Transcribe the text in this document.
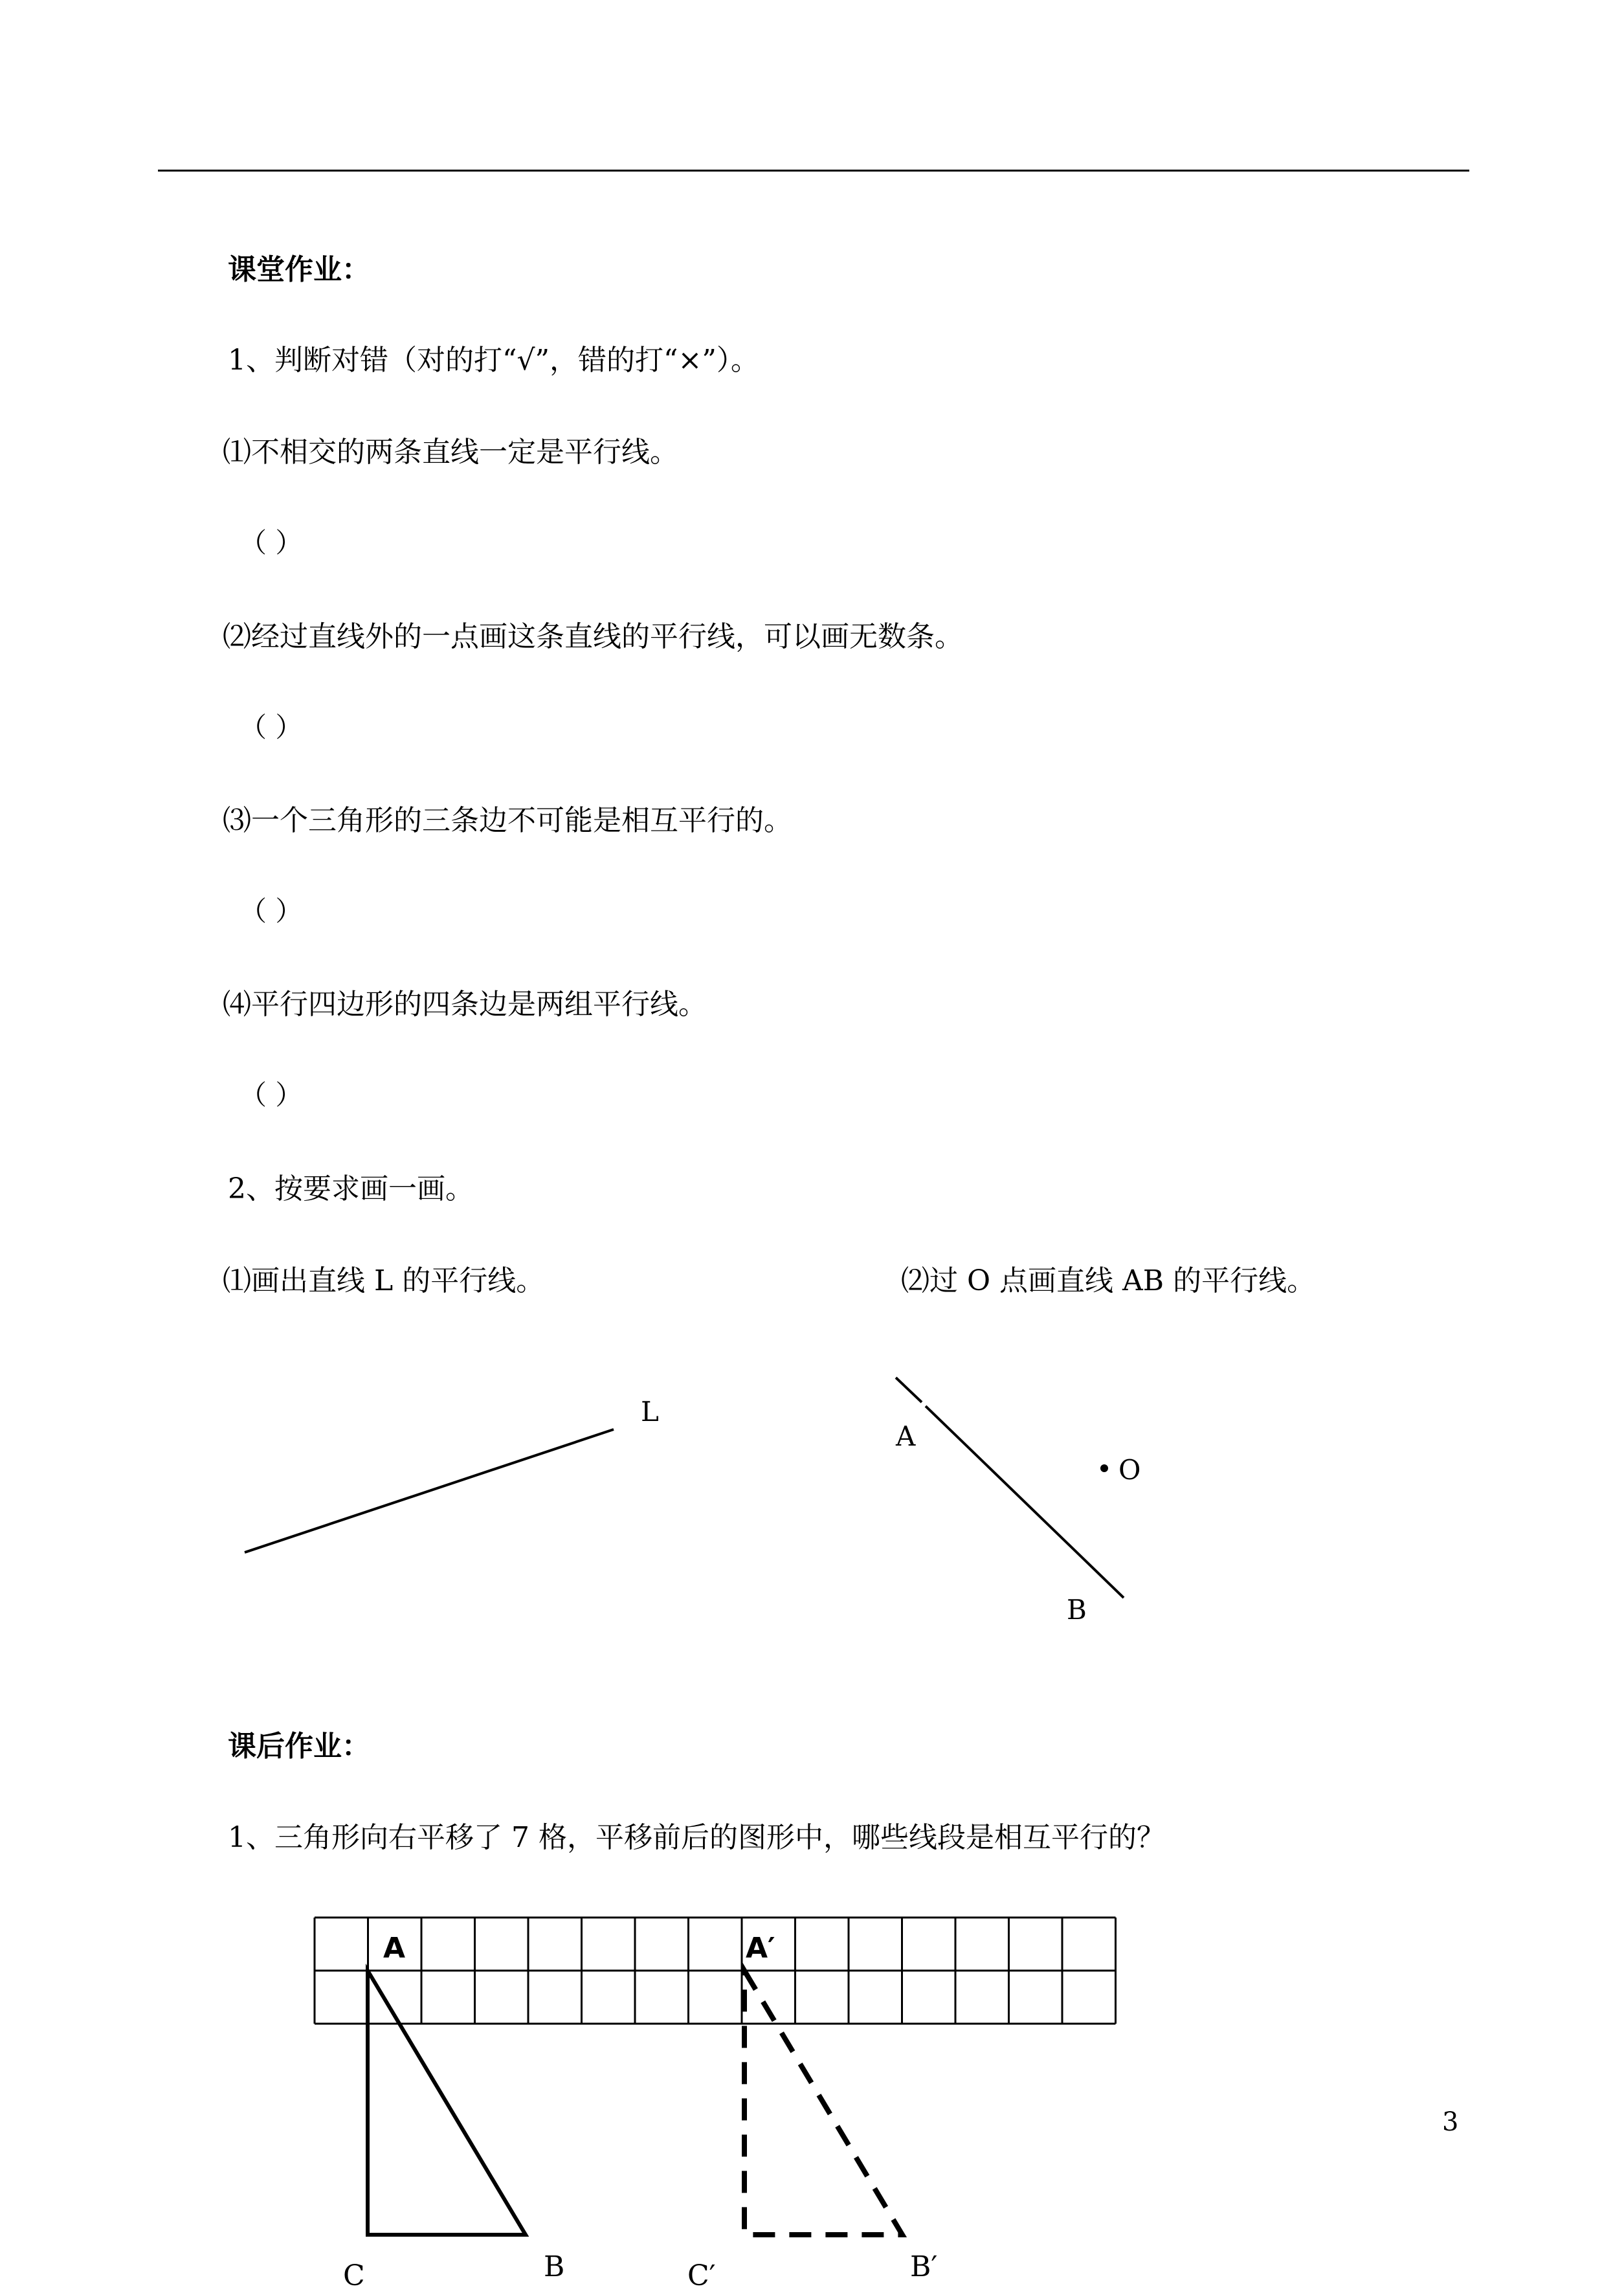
课堂作业：
1、判断对错（对的打“√”，错的打“×”）。
⑴不相交的两条直线一定是平行线。
（ ）
⑵经过直线外的一点画这条直线的平行线，可以画无数条。
（ ）
⑶一个三角形的三条边不可能是相互平行的。
（ ）
⑷平行四边形的四条边是两组平行线。
（ ）
2、按要求画一画。
⑴画出直线 L 的平行线。	⑵过 O 点画直线 AB 的平行线。
L
A
O
B
课后作业：
1、三角形向右平移了 7 格，平移前后的图形中，哪些线段是相互平行的？
A	A′
C	B	C′	B′
3
